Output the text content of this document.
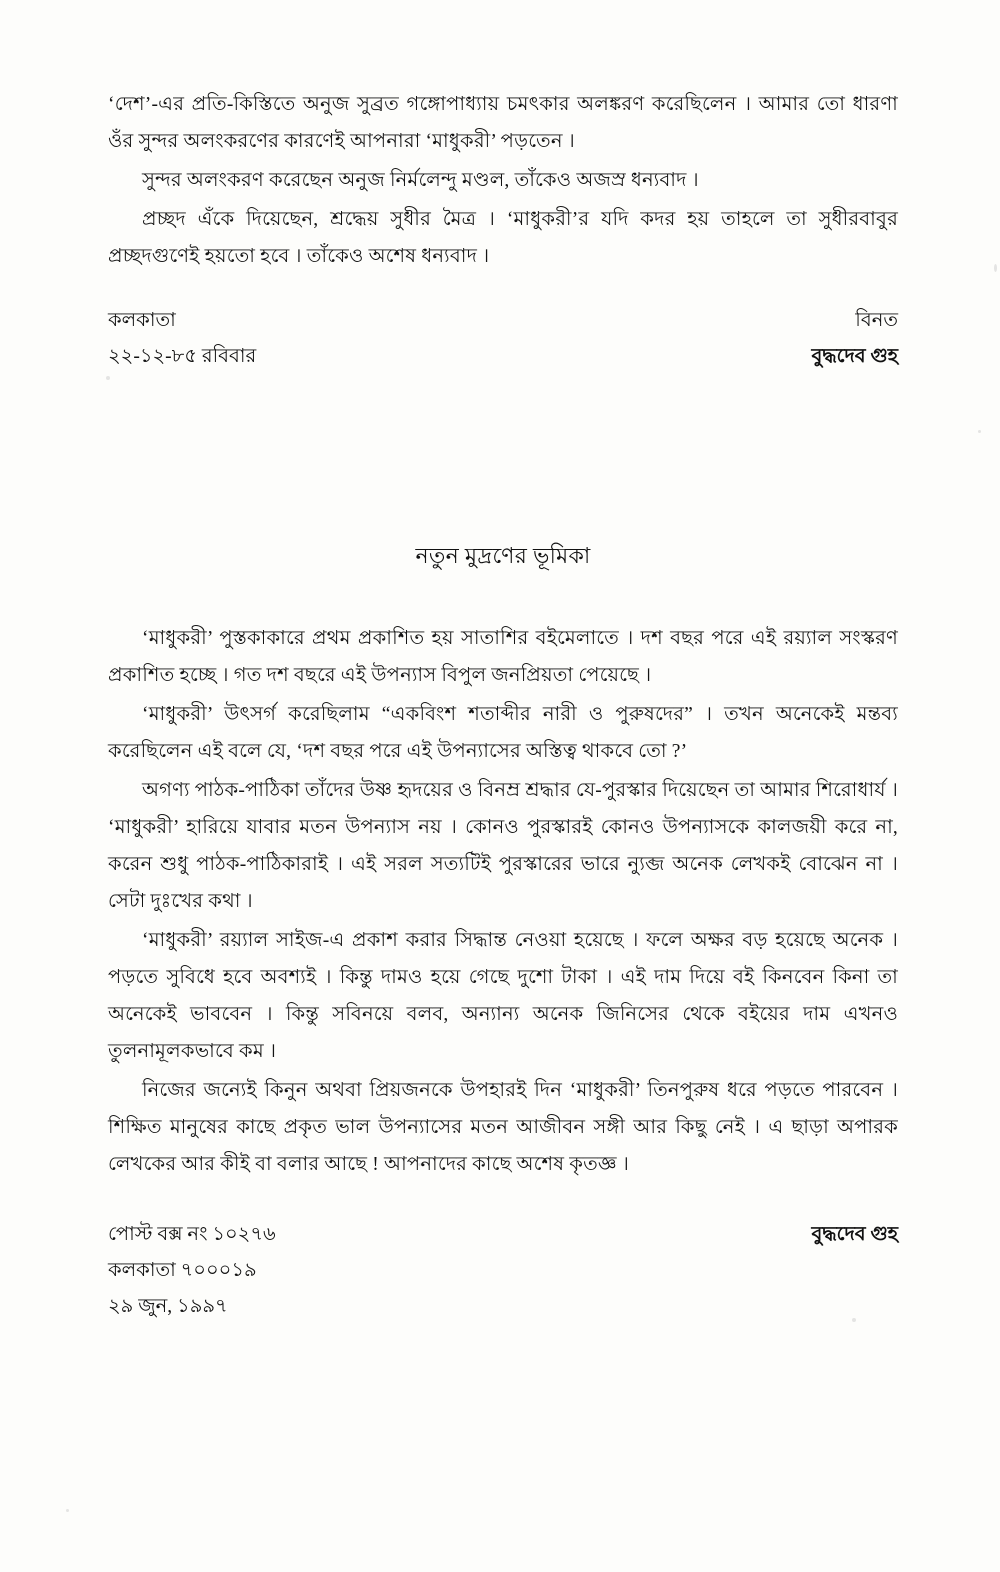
‘দেশ’-এর প্রতি-কিস্তিতে অনুজ সুব্রত গঙ্গোপাধ্যায় চমৎকার অলঙ্করণ করেছিলেন । আমার তো ধারণা ওঁর সুন্দর অলংকরণের কারণেই আপনারা ‘মাধুকরী’ পড়তেন ।

সুন্দর অলংকরণ করেছেন অনুজ নির্মলেন্দু মণ্ডল, তাঁকেও অজস্র ধন্যবাদ ।

প্রচ্ছদ এঁকে দিয়েছেন, শ্রদ্ধেয় সুধীর মৈত্র । ‘মাধুকরী’র যদি কদর হয় তাহলে তা সুধীরবাবুর প্রচ্ছদগুণেই হয়তো হবে । তাঁকেও অশেষ ধন্যবাদ ।

কলকাতা
২২-১২-৮৫ রবিবার
বিনত
বুদ্ধদেব গুহ
নতুন মুদ্রণের ভূমিকা

‘মাধুকরী’ পুস্তকাকারে প্রথম প্রকাশিত হয় সাতাশির বইমেলাতে । দশ বছর পরে এই রয়্যাল সংস্করণ প্রকাশিত হচ্ছে । গত দশ বছরে এই উপন্যাস বিপুল জনপ্রিয়তা পেয়েছে ।

‘মাধুকরী’ উৎসর্গ করেছিলাম “একবিংশ শতাব্দীর নারী ও পুরুষদের” । তখন অনেকেই মন্তব্য করেছিলেন এই বলে যে, ‘দশ বছর পরে এই উপন্যাসের অস্তিত্ব থাকবে তো ?’

অগণ্য পাঠক-পাঠিকা তাঁদের উষ্ণ হৃদয়ের ও বিনম্র শ্রদ্ধার যে-পুরস্কার দিয়েছেন তা আমার শিরোধার্য । ‘মাধুকরী’ হারিয়ে যাবার মতন উপন্যাস নয় । কোনও পুরস্কারই কোনও উপন্যাসকে কালজয়ী করে না, করেন শুধু পাঠক-পাঠিকারাই । এই সরল সত্যটিই পুরস্কারের ভারে ন্যুব্জ অনেক লেখকই বোঝেন না । সেটা দুঃখের কথা ।

‘মাধুকরী’ রয়্যাল সাইজ-এ প্রকাশ করার সিদ্ধান্ত নেওয়া হয়েছে । ফলে অক্ষর বড় হয়েছে অনেক । পড়তে সুবিধে হবে অবশ্যই । কিন্তু দামও হয়ে গেছে দুশো টাকা । এই দাম দিয়ে বই কিনবেন কিনা তা অনেকেই ভাববেন । কিন্তু সবিনয়ে বলব, অন্যান্য অনেক জিনিসের থেকে বইয়ের দাম এখনও তুলনামূলকভাবে কম ।

নিজের জন্যেই কিনুন অথবা প্রিয়জনকে উপহারই দিন ‘মাধুকরী’ তিনপুরুষ ধরে পড়তে পারবেন । শিক্ষিত মানুষের কাছে প্রকৃত ভাল উপন্যাসের মতন আজীবন সঙ্গী আর কিছু নেই । এ ছাড়া অপারক লেখকের আর কীই বা বলার আছে ! আপনাদের কাছে অশেষ কৃতজ্ঞ ।

পোস্ট বক্স নং ১০২৭৬
কলকাতা ৭০০০১৯
২৯ জুন, ১৯৯৭
বুদ্ধদেব গুহ
